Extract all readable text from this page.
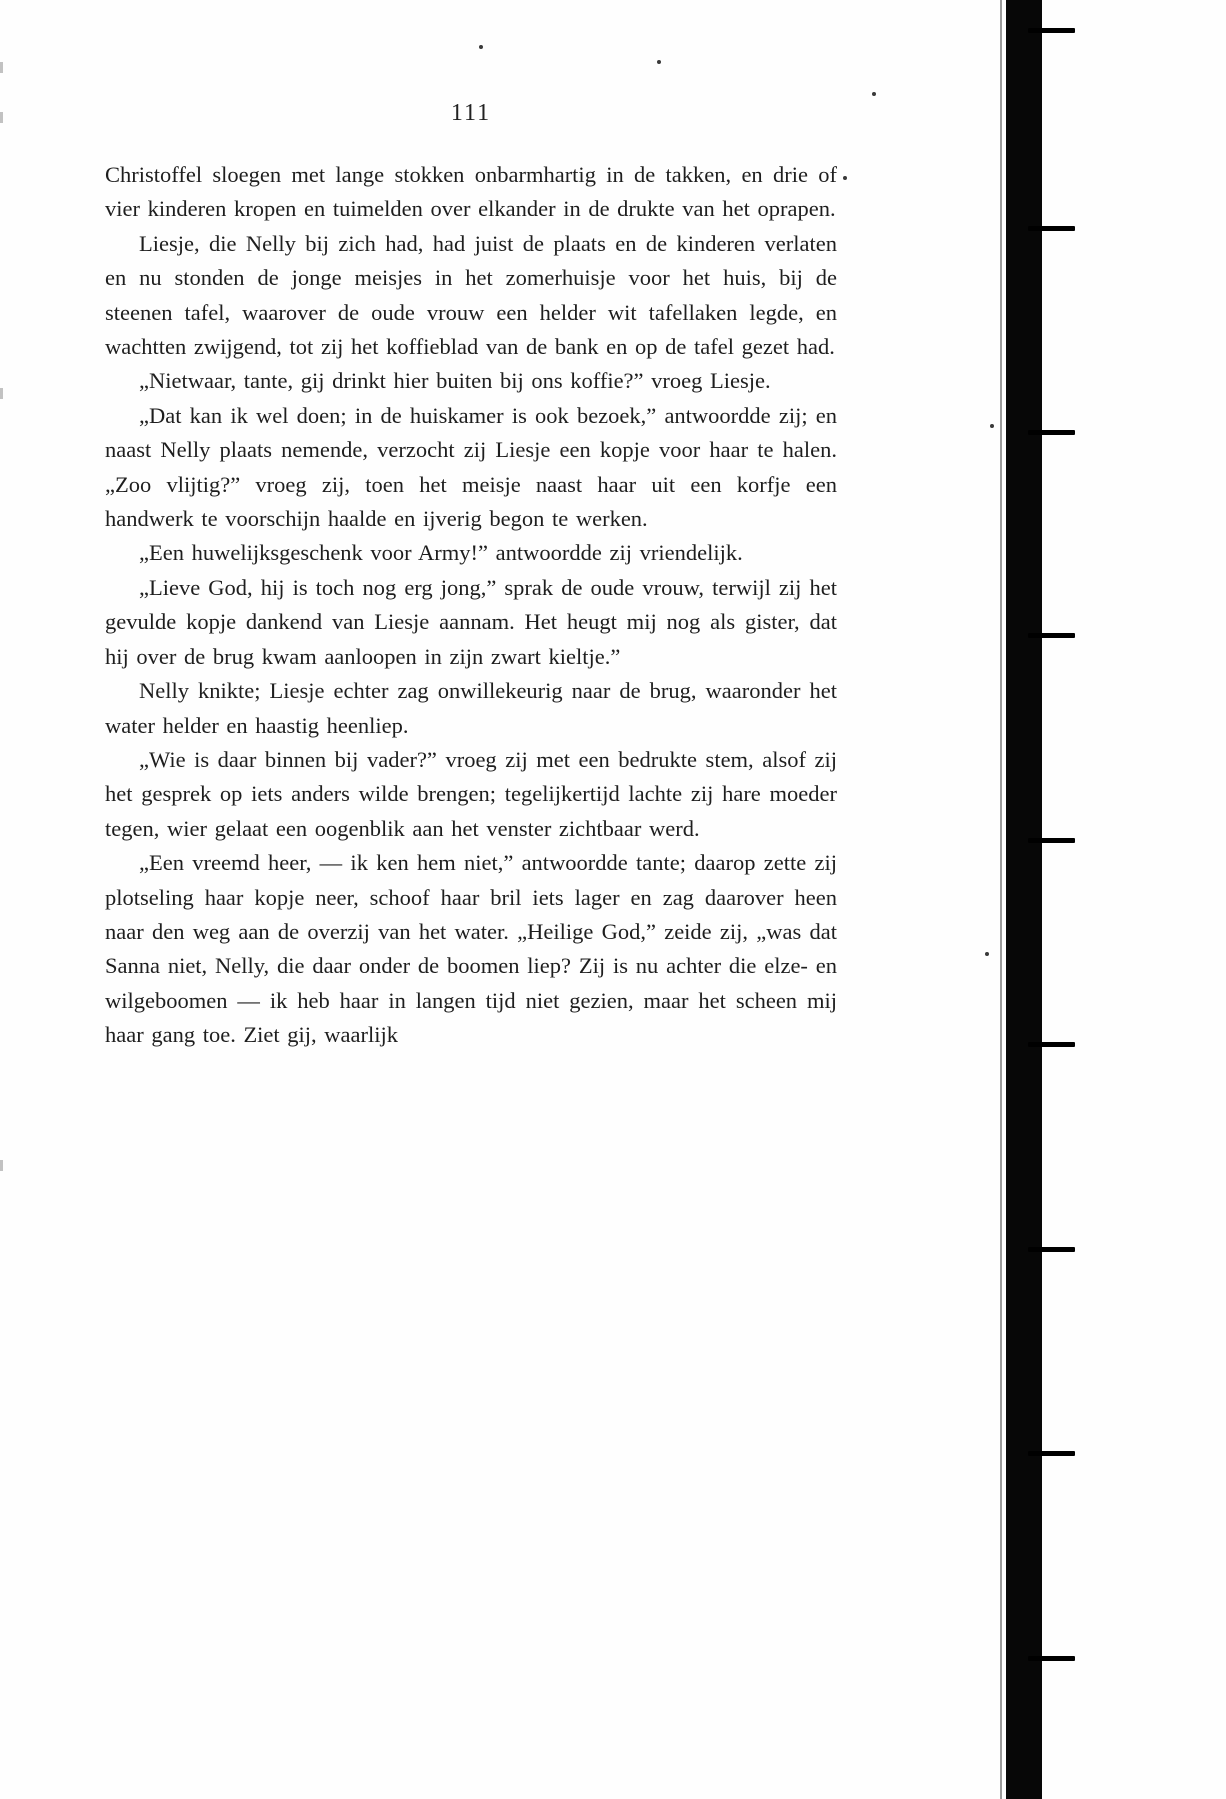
111

Christoffel sloegen met lange stokken onbarmhartig in de takken, en drie of vier kinderen kropen en tuimelden over elkander in de drukte van het oprapen.

Liesje, die Nelly bij zich had, had juist de plaats en de kinderen verlaten en nu stonden de jonge meisjes in het zomerhuisje voor het huis, bij de steenen tafel, waarover de oude vrouw een helder wit tafellaken legde, en wachtten zwijgend, tot zij het koffieblad van de bank en op de tafel gezet had.

„Nietwaar, tante, gij drinkt hier buiten bij ons koffie?” vroeg Liesje.

„Dat kan ik wel doen; in de huiskamer is ook bezoek,” antwoordde zij; en naast Nelly plaats nemende, verzocht zij Liesje een kopje voor haar te halen. „Zoo vlijtig?” vroeg zij, toen het meisje naast haar uit een korfje een handwerk te voorschijn haalde en ijverig begon te werken.

„Een huwelijksgeschenk voor Army!” antwoordde zij vriendelijk.

„Lieve God, hij is toch nog erg jong,” sprak de oude vrouw, terwijl zij het gevulde kopje dankend van Liesje aannam. Het heugt mij nog als gister, dat hij over de brug kwam aanloopen in zijn zwart kieltje.”

Nelly knikte; Liesje echter zag onwillekeurig naar de brug, waaronder het water helder en haastig heenliep.

„Wie is daar binnen bij vader?” vroeg zij met een bedrukte stem, alsof zij het gesprek op iets anders wilde brengen; tegelijkertijd lachte zij hare moeder tegen, wier gelaat een oogenblik aan het venster zichtbaar werd.

„Een vreemd heer, — ik ken hem niet,” antwoordde tante; daarop zette zij plotseling haar kopje neer, schoof haar bril iets lager en zag daarover heen naar den weg aan de overzij van het water. „Heilige God,” zeide zij, „was dat Sanna niet, Nelly, die daar onder de boomen liep? Zij is nu achter die elze- en wilgeboomen — ik heb haar in langen tijd niet gezien, maar het scheen mij haar gang toe. Ziet gij, waarlijk
